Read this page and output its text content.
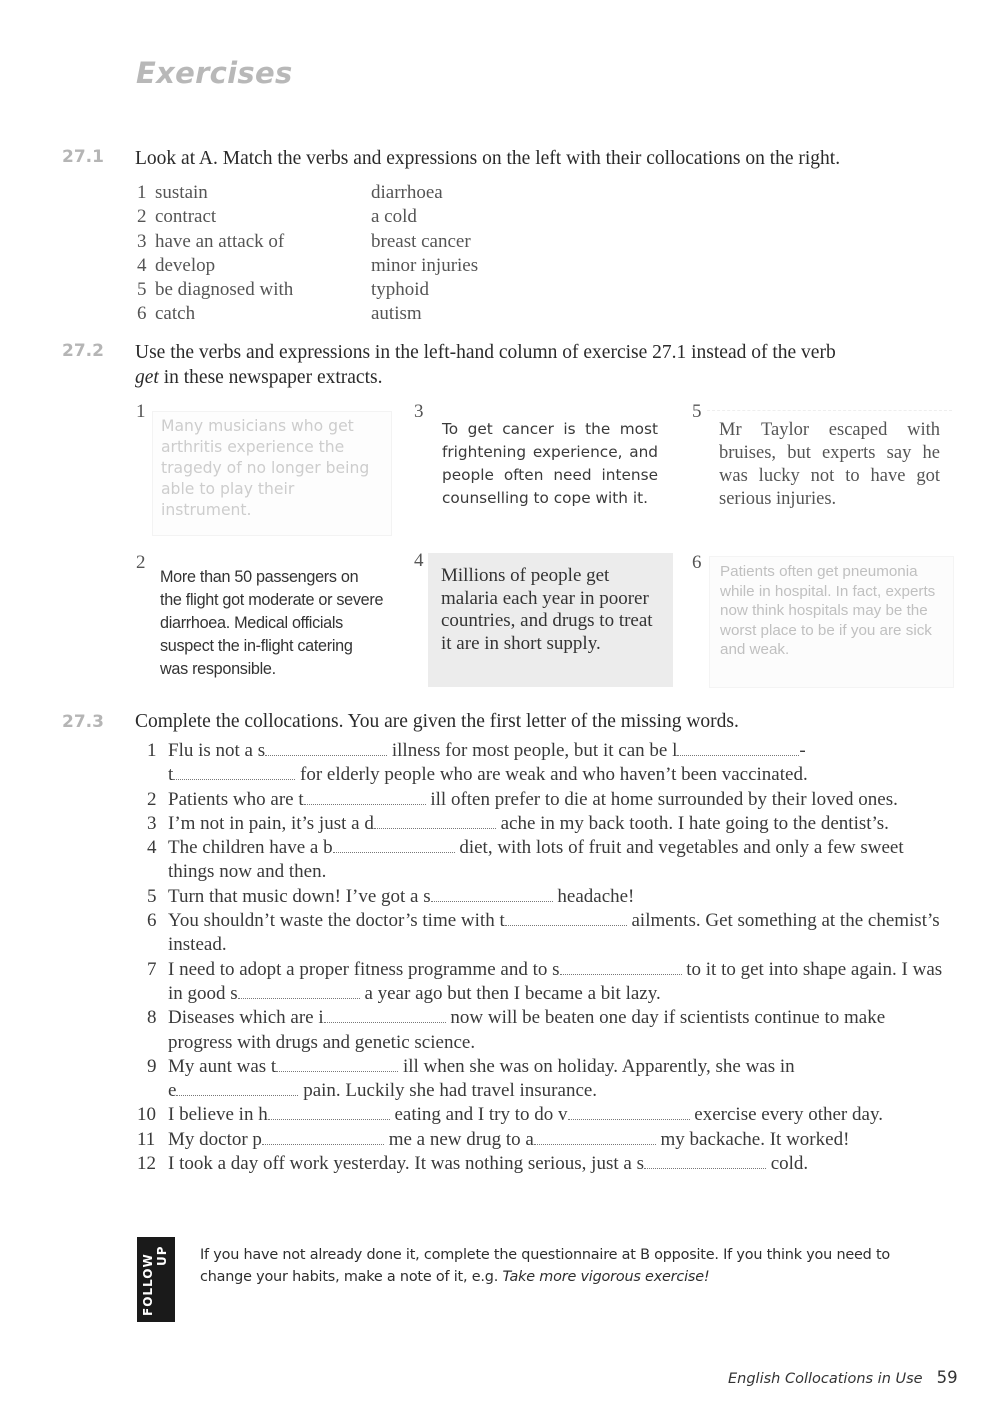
Exercises
27.1 Look at A. Match the verbs and expressions on the left with their collocations on the right.
1 sustain	diarrhoea
2 contract	a cold
3 have an attack of	breast cancer
4 develop	minor injuries
5 be diagnosed with	typhoid
6 catch	autism
27.2 Use the verbs and expressions in the left-hand column of exercise 27.1 instead of the verb
get in these newspaper extracts.
1
Many musicians who get arthritis experience the tragedy of no longer being able to play their instrument.
2
More than 50 passengers on the flight got moderate or severe diarrhoea. Medical officials suspect the in-flight catering was responsible.
3
To get cancer is the most frightening experience, and people often need intense counselling to cope with it.
4
Millions of people get malaria each year in poorer countries, and drugs to treat it are in short supply.
5
Mr Taylor escaped with bruises, but experts say he was lucky not to have got serious injuries.
6	Patients often get pneumonia while in hospital. In fact, experts now think hospitals may be the worst place to be if you are sick and weak.
27.3 Complete the collocations. You are given the first letter of the missing words.
1 Flu is not a s	illness for most people, but it can be l	-
t	for elderly people who are weak and who haven’t been vaccinated.
2 Patients who are t	ill often prefer to die at home surrounded by their loved ones.
3 I’m not in pain, it’s just a d	ache in my back tooth. I hate going to the dentist’s.
4 The children have a b	diet, with lots of fruit and vegetables and only a few sweet things now and then.
5 Turn that music down! I’ve got a s	headache!
6 You shouldn’t waste the doctor’s time with t	ailments. Get something at the chemist’s instead.
7 I need to adopt a proper fitness programme and to s	to it to get into shape again. I was in good s	a year ago but then I became a bit lazy.
8 Diseases which are i	now will be beaten one day if scientists continue to make progress with drugs and genetic science.
9 My aunt was t	ill when she was on holiday. Apparently, she was in
e	pain. Luckily she had travel insurance.
10 I believe in h	eating and I try to do v	exercise every other day.
11 My doctor p	me a new drug to a	my backache. It worked!
12 I took a day off work yesterday. It was nothing serious, just a s	cold.
FOLLOW UP If you have not already done it, complete the questionnaire at B opposite. If you think you need to change your habits, make a note of it, e.g. Take more vigorous exercise!
English Collocations in Use 59
